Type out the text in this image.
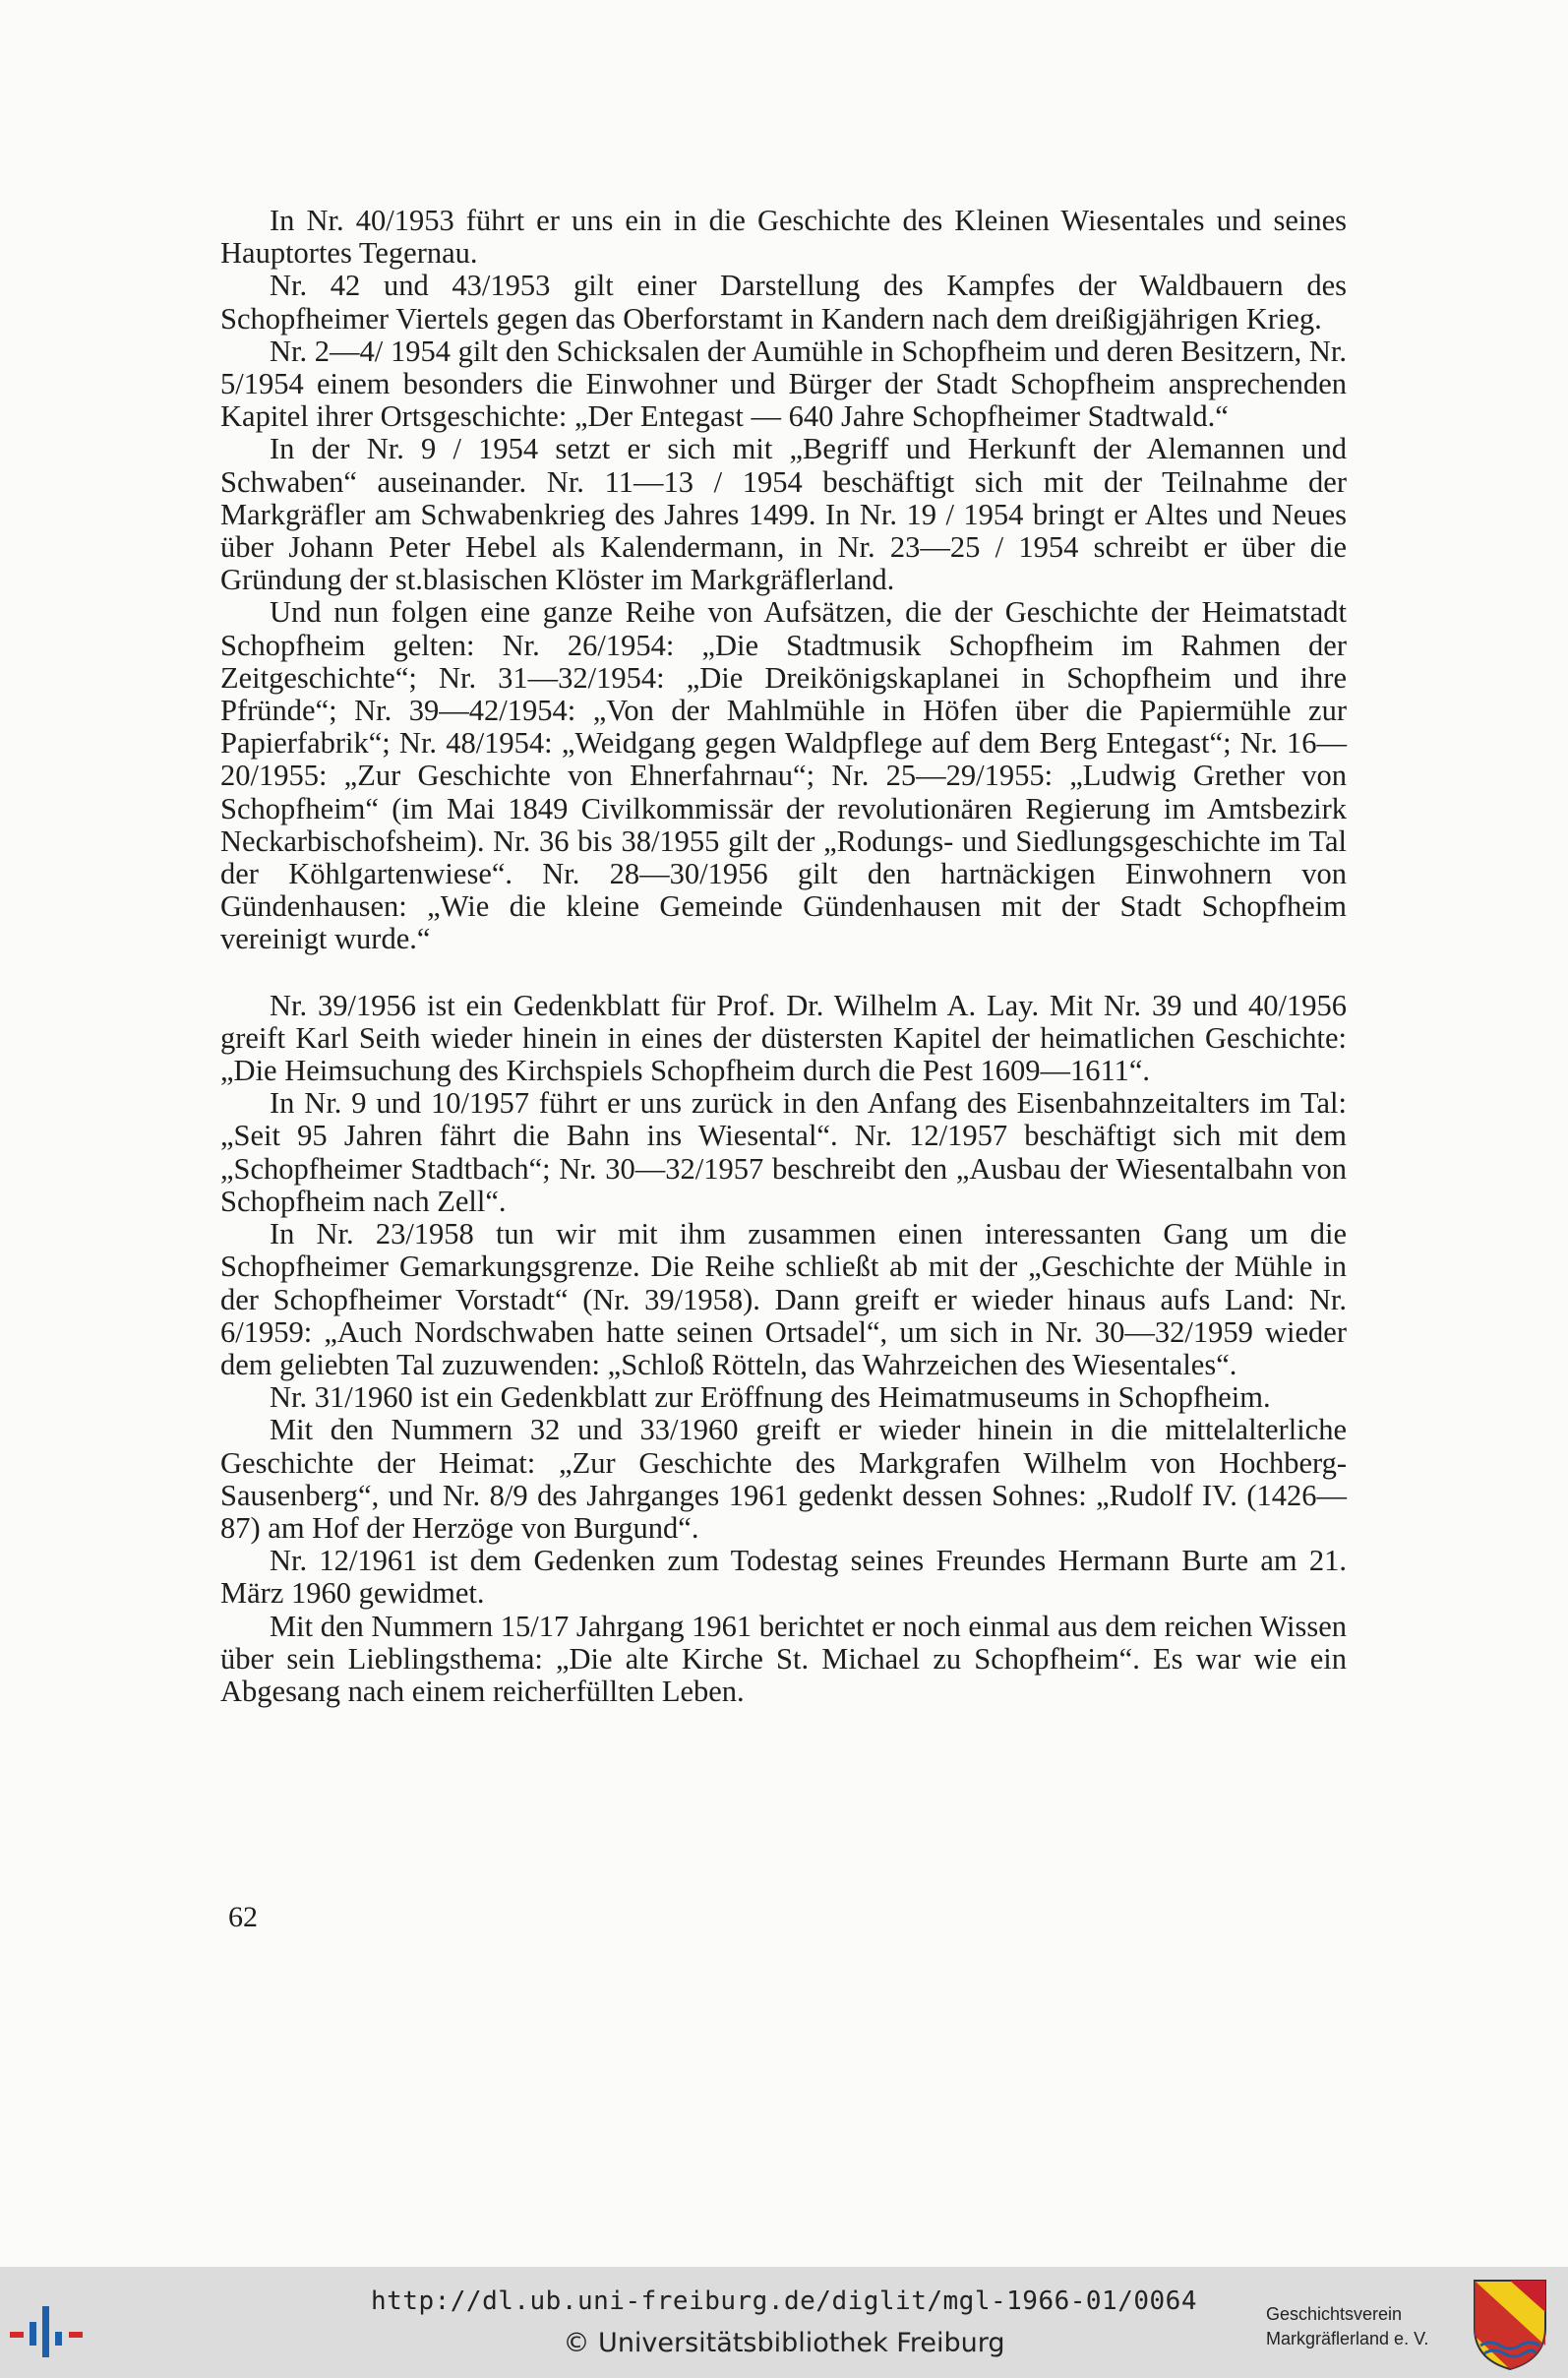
In Nr. 40/1953 führt er uns ein in die Geschichte des Kleinen Wiesentales und seines Hauptortes Tegernau.

Nr. 42 und 43/1953 gilt einer Darstellung des Kampfes der Waldbauern des Schopfheimer Viertels gegen das Oberforstamt in Kandern nach dem dreißigjährigen Krieg.

Nr. 2—4/ 1954 gilt den Schicksalen der Aumühle in Schopfheim und deren Besitzern, Nr. 5/1954 einem besonders die Einwohner und Bürger der Stadt Schopfheim ansprechenden Kapitel ihrer Ortsgeschichte: „Der Entegast — 640 Jahre Schopfheimer Stadtwald.“

In der Nr. 9 / 1954 setzt er sich mit „Begriff und Herkunft der Alemannen und Schwaben“ auseinander. Nr. 11—13 / 1954 beschäftigt sich mit der Teilnahme der Markgräfler am Schwabenkrieg des Jahres 1499. In Nr. 19 / 1954 bringt er Altes und Neues über Johann Peter Hebel als Kalendermann, in Nr. 23—25 / 1954 schreibt er über die Gründung der st.blasischen Klöster im Markgräflerland.

Und nun folgen eine ganze Reihe von Aufsätzen, die der Geschichte der Heimatstadt Schopfheim gelten: Nr. 26/1954: „Die Stadtmusik Schopfheim im Rahmen der Zeitgeschichte“; Nr. 31—32/1954: „Die Dreikönigskaplanei in Schopfheim und ihre Pfründe“; Nr. 39—42/1954: „Von der Mahlmühle in Höfen über die Papiermühle zur Papierfabrik“; Nr. 48/1954: „Weidgang gegen Waldpflege auf dem Berg Entegast“; Nr. 16—20/1955: „Zur Geschichte von Ehnerfahrnau“; Nr. 25—29/1955: „Ludwig Grether von Schopfheim“ (im Mai 1849 Civilkommissär der revolutionären Regierung im Amtsbezirk Neckarbischofsheim). Nr. 36 bis 38/1955 gilt der „Rodungs- und Siedlungsgeschichte im Tal der Köhlgartenwiese“. Nr. 28—30/1956 gilt den hartnäckigen Einwohnern von Gündenhausen: „Wie die kleine Gemeinde Gündenhausen mit der Stadt Schopfheim vereinigt wurde.“

Nr. 39/1956 ist ein Gedenkblatt für Prof. Dr. Wilhelm A. Lay. Mit Nr. 39 und 40/1956 greift Karl Seith wieder hinein in eines der düstersten Kapitel der heimatlichen Geschichte: „Die Heimsuchung des Kirchspiels Schopfheim durch die Pest 1609—1611“.

In Nr. 9 und 10/1957 führt er uns zurück in den Anfang des Eisenbahnzeitalters im Tal: „Seit 95 Jahren fährt die Bahn ins Wiesental“. Nr. 12/1957 beschäftigt sich mit dem „Schopfheimer Stadtbach“; Nr. 30—32/1957 beschreibt den „Ausbau der Wiesentalbahn von Schopfheim nach Zell“.

In Nr. 23/1958 tun wir mit ihm zusammen einen interessanten Gang um die Schopfheimer Gemarkungsgrenze. Die Reihe schließt ab mit der „Geschichte der Mühle in der Schopfheimer Vorstadt“ (Nr. 39/1958). Dann greift er wieder hinaus aufs Land: Nr. 6/1959: „Auch Nordschwaben hatte seinen Ortsadel“, um sich in Nr. 30—32/1959 wieder dem geliebten Tal zuzuwenden: „Schloß Rötteln, das Wahrzeichen des Wiesentales“.

Nr. 31/1960 ist ein Gedenkblatt zur Eröffnung des Heimatmuseums in Schopfheim.

Mit den Nummern 32 und 33/1960 greift er wieder hinein in die mittelalterliche Geschichte der Heimat: „Zur Geschichte des Markgrafen Wilhelm von Hochberg-Sausenberg“, und Nr. 8/9 des Jahrganges 1961 gedenkt dessen Sohnes: „Rudolf IV. (1426—87) am Hof der Herzöge von Burgund“.

Nr. 12/1961 ist dem Gedenken zum Todestag seines Freundes Hermann Burte am 21. März 1960 gewidmet.

Mit den Nummern 15/17 Jahrgang 1961 berichtet er noch einmal aus dem reichen Wissen über sein Lieblingsthema: „Die alte Kirche St. Michael zu Schopfheim“. Es war wie ein Abgesang nach einem reicherfüllten Leben.

62
http://dl.ub.uni-freiburg.de/diglit/mgl-1966-01/0064
© Universitätsbibliothek Freiburg
Geschichtsverein
Markgräflerland e. V.
